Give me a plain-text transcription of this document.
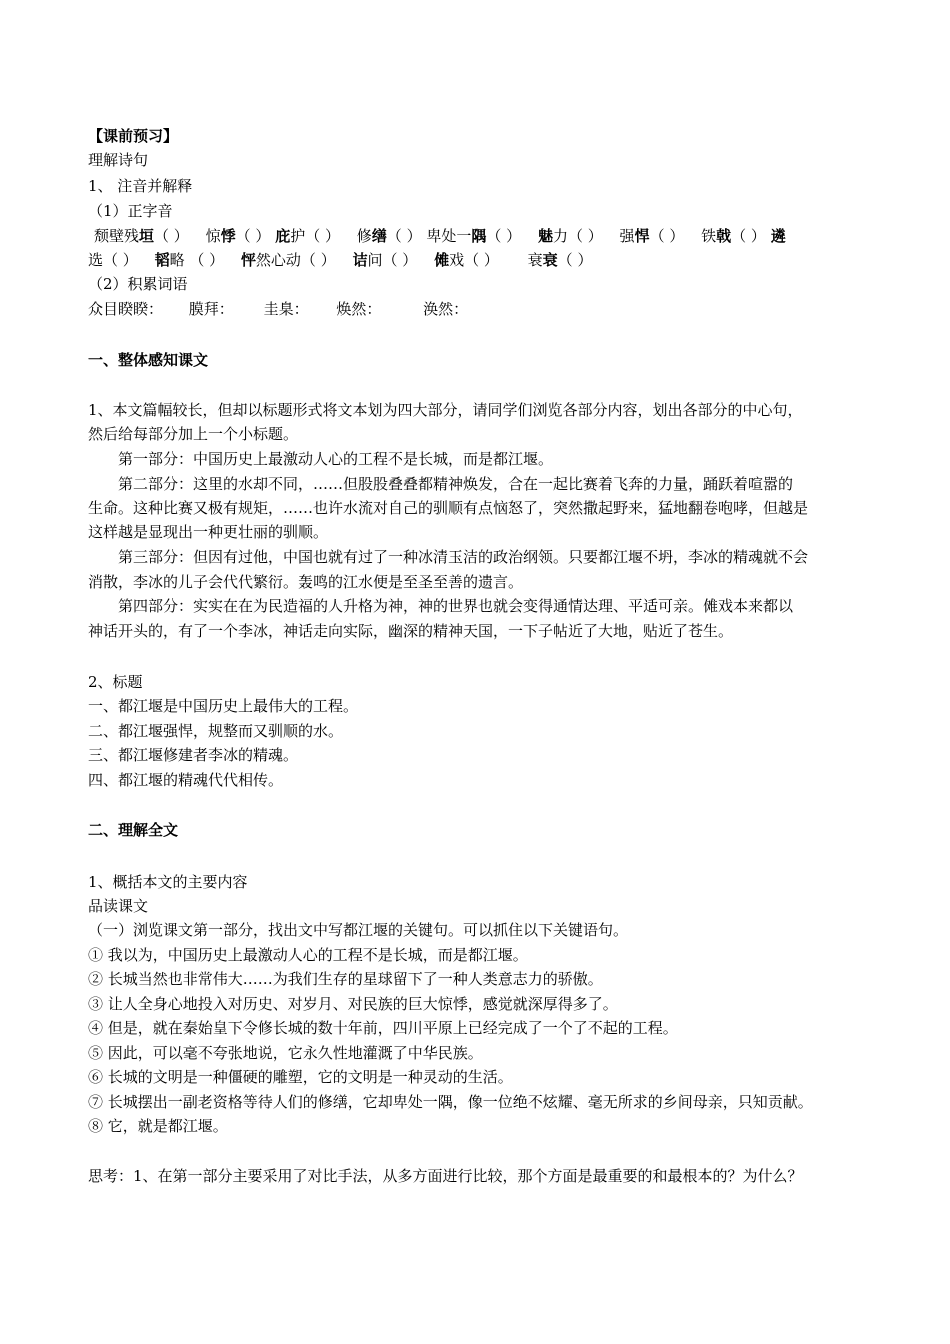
【课前预习】
理解诗句
1、 注音并解释
（1）正字音
颓壁残垣（ ） 惊悸（ ） 庇护（ ） 修缮（ ） 卑处一隅（ ） 魅力（ ） 强悍（ ） 铁戟（ ） 遴
选（ ） 韬略 （ ） 怦然心动（ ） 诘问（ ） 傩戏（ ） 衰衰（ ）
（2）积累词语
众目睽睽： 膜拜： 圭臬： 焕然：	涣然：
一、整体感知课文
1、本文篇幅较长，但却以标题形式将文本划为四大部分，请同学们浏览各部分内容，划出各部分的中心句，
然后给每部分加上一个小标题。
第一部分：中国历史上最激动人心的工程不是长城，而是都江堰。
第二部分：这里的水却不同，……但股股叠叠都精神焕发，合在一起比赛着飞奔的力量，踊跃着喧嚣的
生命。这种比赛又极有规矩，……也许水流对自己的驯顺有点恼怒了，突然撒起野来，猛地翻卷咆哮，但越是
这样越是显现出一种更壮丽的驯顺。
第三部分：但因有过他，中国也就有过了一种冰清玉洁的政治纲领。只要都江堰不坍，李冰的精魂就不会
消散，李冰的儿子会代代繁衍。轰鸣的江水便是至圣至善的遗言。
第四部分：实实在在为民造福的人升格为神，神的世界也就会变得通情达理、平适可亲。傩戏本来都以
神话开头的，有了一个李冰，神话走向实际，幽深的精神天国，一下子帖近了大地，贴近了苍生。
2、标题
一、都江堰是中国历史上最伟大的工程。
二、都江堰强悍，规整而又驯顺的水。
三、都江堰修建者李冰的精魂。
四、都江堰的精魂代代相传。
二、理解全文
1、概括本文的主要内容
品读课文
（一）浏览课文第一部分，找出文中写都江堰的关键句。可以抓住以下关键语句。
① 我以为，中国历史上最激动人心的工程不是长城，而是都江堰。
② 长城当然也非常伟大……为我们生存的星球留下了一种人类意志力的骄傲。
③ 让人全身心地投入对历史、对岁月、对民族的巨大惊悸，感觉就深厚得多了。
④ 但是，就在秦始皇下令修长城的数十年前，四川平原上已经完成了一个了不起的工程。
⑤ 因此，可以毫不夸张地说，它永久性地灌溉了中华民族。
⑥ 长城的文明是一种僵硬的雕塑，它的文明是一种灵动的生活。
⑦ 长城摆出一副老资格等待人们的修缮，它却卑处一隅，像一位绝不炫耀、毫无所求的乡间母亲，只知贡献。
⑧ 它，就是都江堰。
思考：1、在第一部分主要采用了对比手法，从多方面进行比较，那个方面是最重要的和最根本的？为什么？
